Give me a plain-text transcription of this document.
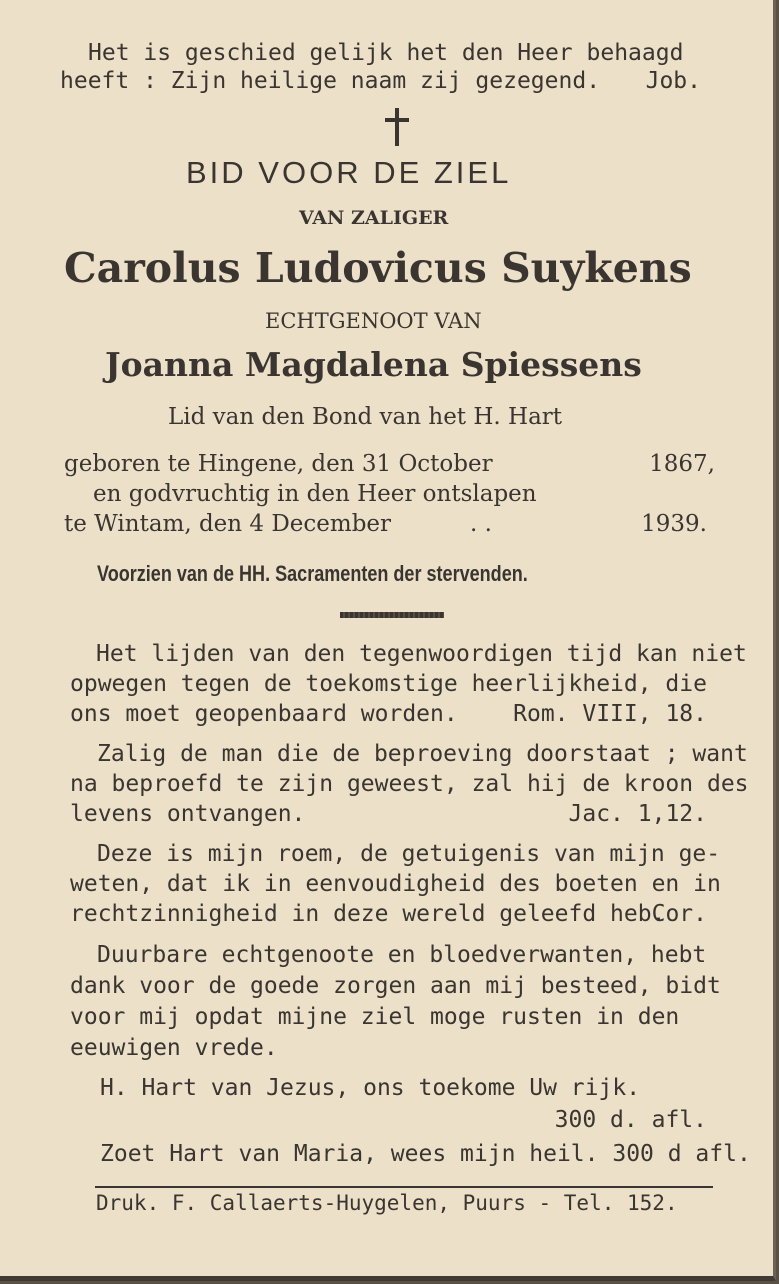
Het is geschied gelijk het den Heer behaagd
heeft : Zijn heilige naam zij gezegend. Job.
BID VOOR DE ZIEL
VAN ZALIGER
Carolus Ludovicus Suykens
ECHTGENOOT VAN
Joanna Magdalena Spiessens
Lid van den Bond van het H. Hart
geboren te Hingene, den 31 October	1867,
en godvruchtig in den Heer ontslapen
te Wintam, den 4 December	. .	1939.
Voorzien van de HH. Sacramenten der stervenden.
Het lijden van den tegenwoordigen tijd kan niet
opwegen tegen de toekomstige heerlijkheid, die
ons moet geopenbaard worden. Rom. VIII, 18.
Zalig de man die de beproeving doorstaat ; want
na beproefd te zijn geweest, zal hij de kroon des
levens ontvangen.	Jac. 1,12.
Deze is mijn roem, de getuigenis van mijn ge-
weten, dat ik in eenvoudigheid des boeten en in
rechtzinnigheid in deze wereld geleefd heb.
Cor.
Duurbare echtgenoote en bloedverwanten, hebt
dank voor de goede zorgen aan mij besteed, bidt
voor mij opdat mijne ziel moge rusten in den
eeuwigen vrede.
H. Hart van Jezus, ons toekome Uw rijk.
300 d. afl.
Zoet Hart van Maria, wees mijn heil. 300 d afl.
Druk. F. Callaerts-Huygelen, Puurs - Tel. 152.
